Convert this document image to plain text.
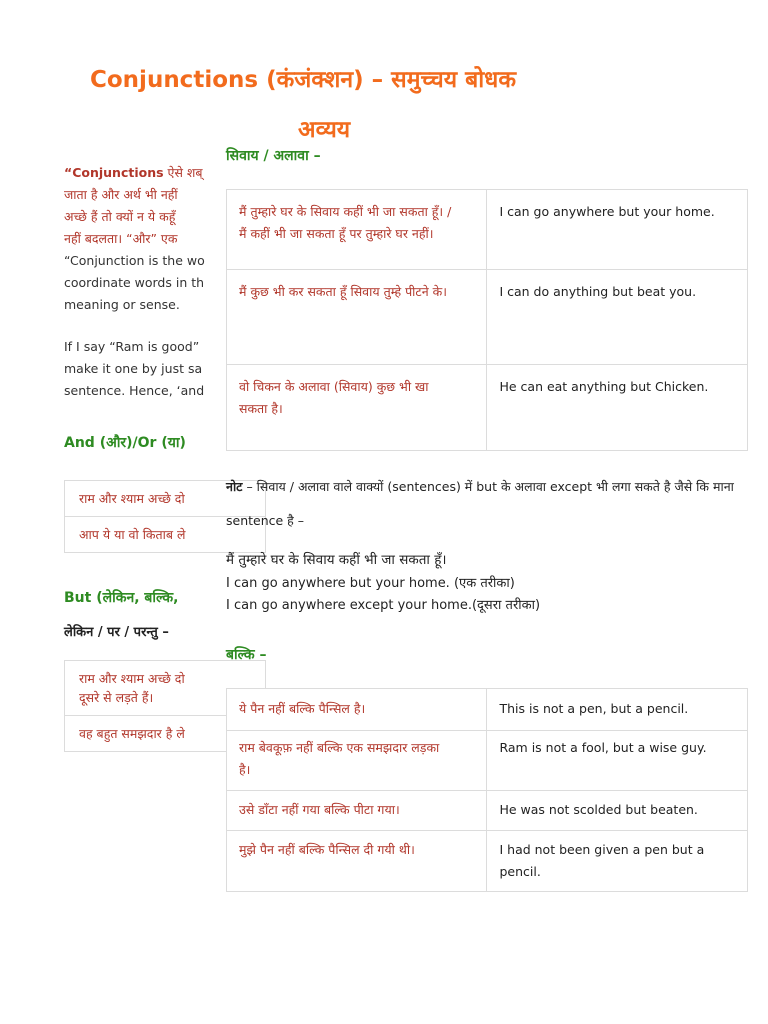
Conjunctions (कंजंक्शन) – समुच्चय बोधक
अव्यय
“Conjunctions ऐसे शब्
जाता है और अर्थ भी नहीं
अच्छे हैं तो क्यों न ये कहूँ
नहीं बदलता। “और” एक
“Conjunction is the wo
coordinate words in th
meaning or sense.
If I say “Ram is good”
make it one by just sa
sentence. Hence, ‘and
And (और)/Or (या)
राम और श्याम अच्छे दो
आप ये या वो किताब ले
But (लेकिन, बल्कि,
लेकिन / पर / परन्तु –
राम और श्याम अच्छे दो
दूसरे से लड़ते हैं।
वह बहुत समझदार है ले
सिवाय / अलावा –
मैं तुम्हारे घर के सिवाय कहीं भी जा सकता हूँ। /
मैं कहीं भी जा सकता हूँ पर तुम्हारे घर नहीं।	I can go anywhere but your home.

मैं कुछ भी कर सकता हूँ सिवाय तुम्हे पीटने के।	I can do anything but beat you.

वो चिकन के अलावा (सिवाय) कुछ भी खा
सकता है।	He can eat anything but Chicken.
नोट – सिवाय / अलावा वाले वाक्यों (sentences) में but के अलावा except भी लगा सकते है जैसे कि माना
sentence है –
मैं तुम्हारे घर के सिवाय कहीं भी जा सकता हूँ।
I can go anywhere but your home. (एक तरीका)
I can go anywhere except your home.(दूसरा तरीका)
बल्कि –
ये पैन नहीं बल्कि पैन्सिल है।	This is not a pen, but a pencil.

राम बेवकूफ़ नहीं बल्कि एक समझदार लड़का
है।	Ram is not a fool, but a wise guy.

उसे डाँटा नहीं गया बल्कि पीटा गया।	He was not scolded but beaten.

मुझे पैन नहीं बल्कि पैन्सिल दी गयी थी।	I had not been given a pen but a pencil.
